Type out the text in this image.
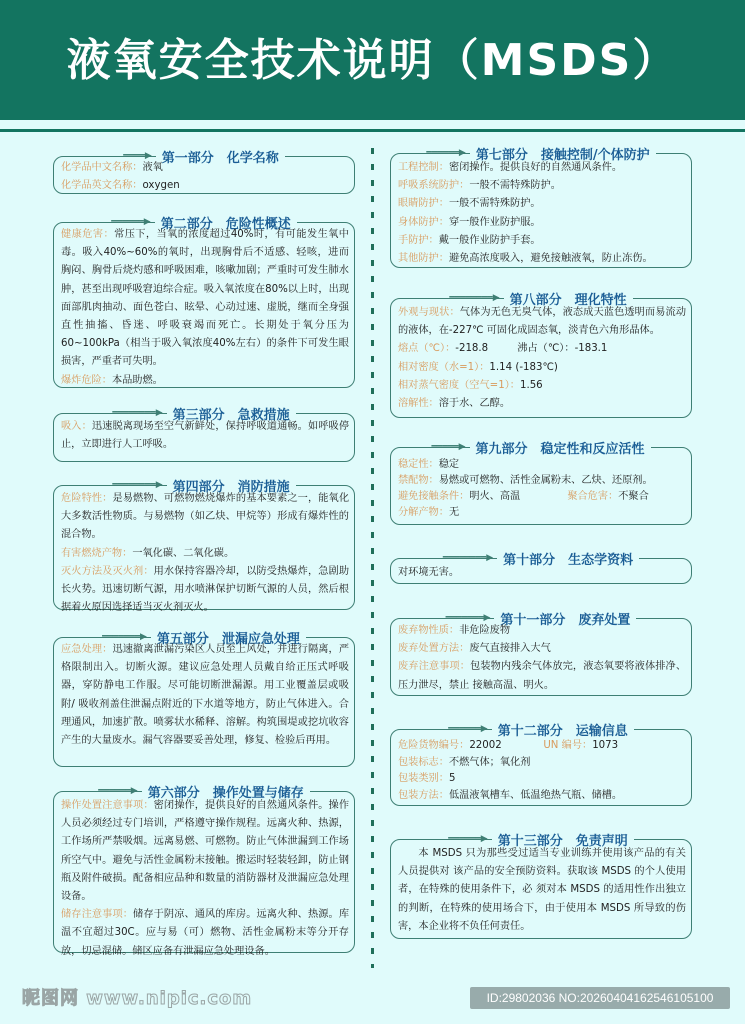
液氧安全技术说明（MSDS）
━━━━▶ 第一部分　化学名称
化学品中文名称：液氧
化学品英文名称：oxygen
━━━━━━▶ 第二部分　危险性概述
健康危害：常压下，当氧的浓度超过40%时，有可能发生氧中毒。吸入40%~60%的氧时，出现胸骨后不适感、轻咳，进而胸闷、胸骨后烧灼感和呼吸困难，咳嗽加剧；严重时可发生肺水肿，甚至出现呼吸窘迫综合症。吸入氧浓度在80%以上时，出现面部肌肉抽动、面色苍白、眩晕、心动过速、虚脱，继而全身强直性抽搐、昏迷、呼吸衰竭而死亡。长期处于氧分压为60~100kPa（相当于吸入氧浓度40%左右）的条件下可发生眼损害，严重者可失明。
爆炸危险：本品助燃。
━━━━━━━━▶ 第三部分　急救措施
吸入：迅速脱离现场至空气新鲜处，保持呼吸道通畅。如呼吸停止，立即进行人工呼吸。
━━━━━━━━▶ 第四部分　消防措施
危险特性：是易燃物、可燃物燃烧爆炸的基本要素之一，能氧化大多数活性物质。与易燃物（如乙炔、甲烷等）形成有爆炸性的混合物。
有害燃烧产物：一氧化碳、二氧化碳。
灭火方法及灭火剂：用水保持容器冷却，以防受热爆炸，急剧助长火势。迅速切断气源，用水喷淋保护切断气源的人员，然后根据着火原因选择适当灭火剂灭火。
━━━━━━━▶ 第五部分　泄漏应急处理
应急处理：迅速撤离泄漏污染区人员至上风处，并进行隔离，严格限制出入。切断火源。建议应急处理人员戴自给正压式呼吸器，穿防静电工作服。尽可能切断泄漏源。用工业覆盖层或吸附/ 吸收剂盖住泄漏点附近的下水道等地方，防止气体进入。合理通风，加速扩散。喷雾状水稀释、溶解。构筑围堤或挖坑收容产生的大量废水。漏气容器要妥善处理，修复、检验后再用。
━━━━━━▶ 第六部分　操作处置与储存
操作处置注意事项：密闭操作，提供良好的自然通风条件。操作人员必须经过专门培训，严格遵守操作规程。远离火种、热源，工作场所严禁吸烟。远离易燃、可燃物。防止气体泄漏到工作场所空气中。避免与活性金属粉末接触。搬运时轻装轻卸，防止钢瓶及附件破损。配备相应品种和数量的消防器材及泄漏应急处理设备。
储存注意事项：储存于阴凉、通风的库房。远离火种、热源。库温不宜超过30C。应与易（可）燃物、活性金属粉末等分开存放，切忌混储。储区应备有泄漏应急处理设备。
━━━━━━▶ 第七部分　接触控制/个体防护
工程控制：密闭操作。提供良好的自然通风条件。
呼吸系统防护：一般不需特殊防护。
眼睛防护：一般不需特殊防护。
身体防护：穿一般作业防护服。
手防护：戴一般作业防护手套。
其他防护：避免高浓度吸入，避免接触液氧，防止冻伤。
━━━━━━━━▶ 第八部分　理化特性
外观与现状：气体为无色无臭气体，液态成天蓝色透明而易流动的液体，在-227℃ 可固化成固态氧，淡青色六角形晶体。
熔点（℃）：-218.8	沸占（℃）：-183.1
相对密度（水=1）：1.14 (-183℃)
相对蒸气密度（空气=1）：1.56
溶解性：溶于水、乙醇。
━━━━━▶ 第九部分　稳定性和反应活性
稳定性：稳定
禁配物：易燃或可燃物、活性金属粉末、乙炔、还原剂。
避免接触条件：明火、高温	聚合危害：不聚合
分解产物：无
━━━━━━━━▶ 第十部分　生态学资料
对环境无害。
━━━━━━━▶ 第十一部分　废弃处置
废弃物性质：非危险废物
废弃处置方法：废气直接排入大气
废弃注意事项：包装物内残余气体放完，液态氧要将液体排净、压力泄尽，禁止 接触高温、明火。
━━━━━━▶ 第十二部分　运输信息
危险货物编号：22002	UN 编号：1073
包装标志：不燃气体；氧化剂
包装类别：5
包装方法：低温液氧槽车、低温绝热气瓶、储槽。
━━━━━━▶ 第十三部分　免责声明
本 MSDS 只为那些受过适当专业训练并使用该产品的有关人员提供对 该产品的安全预防资料。获取该 MSDS 的个人使用者，在特殊的使用条件下，必 须对本 MSDS 的适用性作出独立的判断，在特殊的使用场合下，由于使用本 MSDS 所导致的伤害，本企业将不负任何责任。
昵图网 www.nipic.com	ID:29802036 NO:20260404162546105100
